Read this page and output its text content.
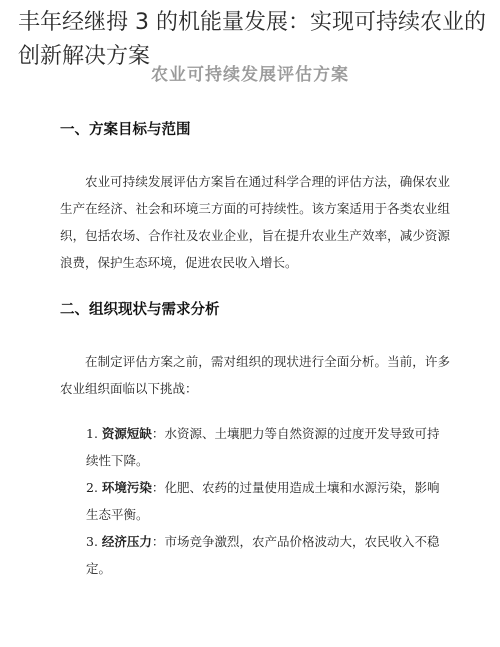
丰年经继拇 3 的机能量发展：实现可持续农业的创新解决方案
农业可持续发展评估方案
一、方案目标与范围

农业可持续发展评估方案旨在通过科学合理的评估方法，确保农业生产在经济、社会和环境三方面的可持续性。该方案适用于各类农业组织，包括农场、合作社及农业企业，旨在提升农业生产效率，减少资源浪费，保护生态环境，促进农民收入增长。

二、组织现状与需求分析

在制定评估方案之前，需对组织的现状进行全面分析。当前，许多农业组织面临以下挑战：

1. 资源短缺：水资源、土壤肥力等自然资源的过度开发导致可持续性下降。

2. 环境污染：化肥、农药的过量使用造成土壤和水源污染，影响生态平衡。

3. 经济压力：市场竞争激烈，农产品价格波动大，农民收入不稳定。
